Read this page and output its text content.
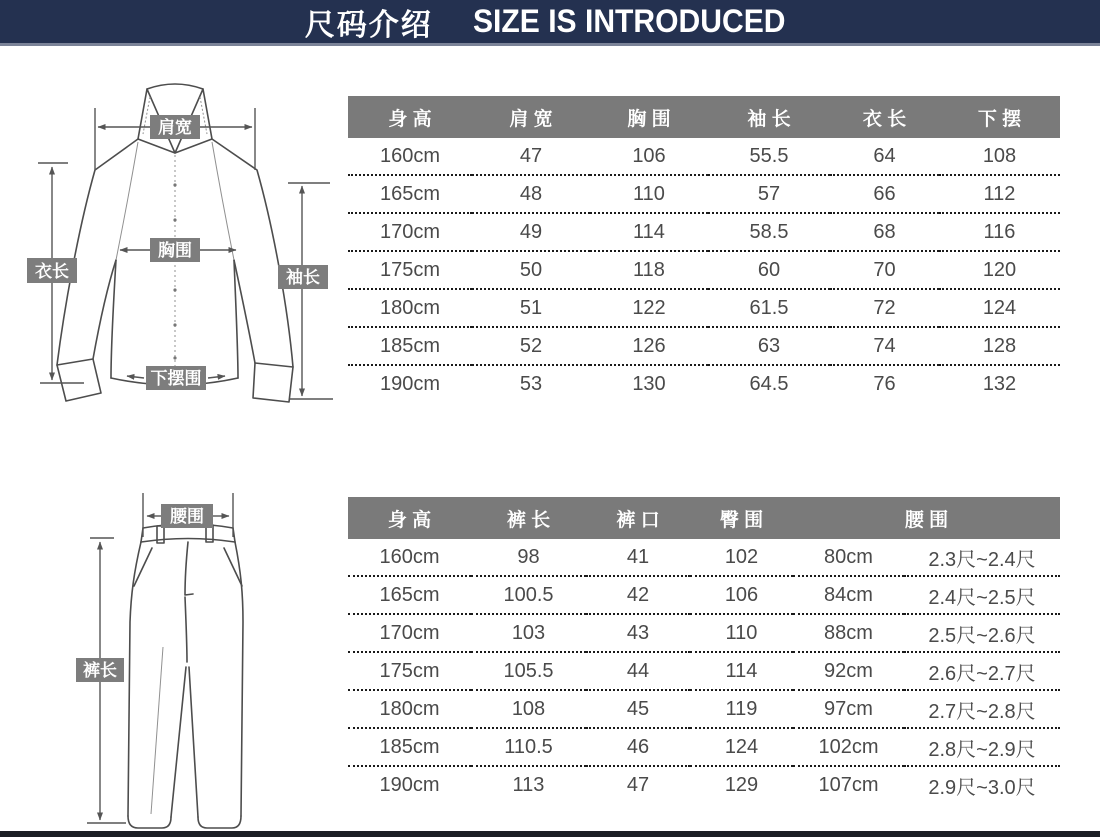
尺码介绍 SIZE IS INTRODUCED
肩宽
衣长
胸围
袖长
下摆围
身 高	肩 宽	胸 围	袖 长	衣 长	下 摆
160cm	47	106	55.5	64	108
165cm	48	110	57	66	112
170cm	49	114	58.5	68	116
175cm	50	118	60	70	120
180cm	51	122	61.5	72	124
185cm	52	126	63	74	128
190cm	53	130	64.5	76	132
腰围
裤长
身 高	裤 长	裤 口	臀 围	腰 围	
160cm	98	41	102	80cm	2.3尺~2.4尺
165cm	100.5	42	106	84cm	2.4尺~2.5尺
170cm	103	43	110	88cm	2.5尺~2.6尺
175cm	105.5	44	114	92cm	2.6尺~2.7尺
180cm	108	45	119	97cm	2.7尺~2.8尺
185cm	110.5	46	124	102cm	2.8尺~2.9尺
190cm	113	47	129	107cm	2.9尺~3.0尺
